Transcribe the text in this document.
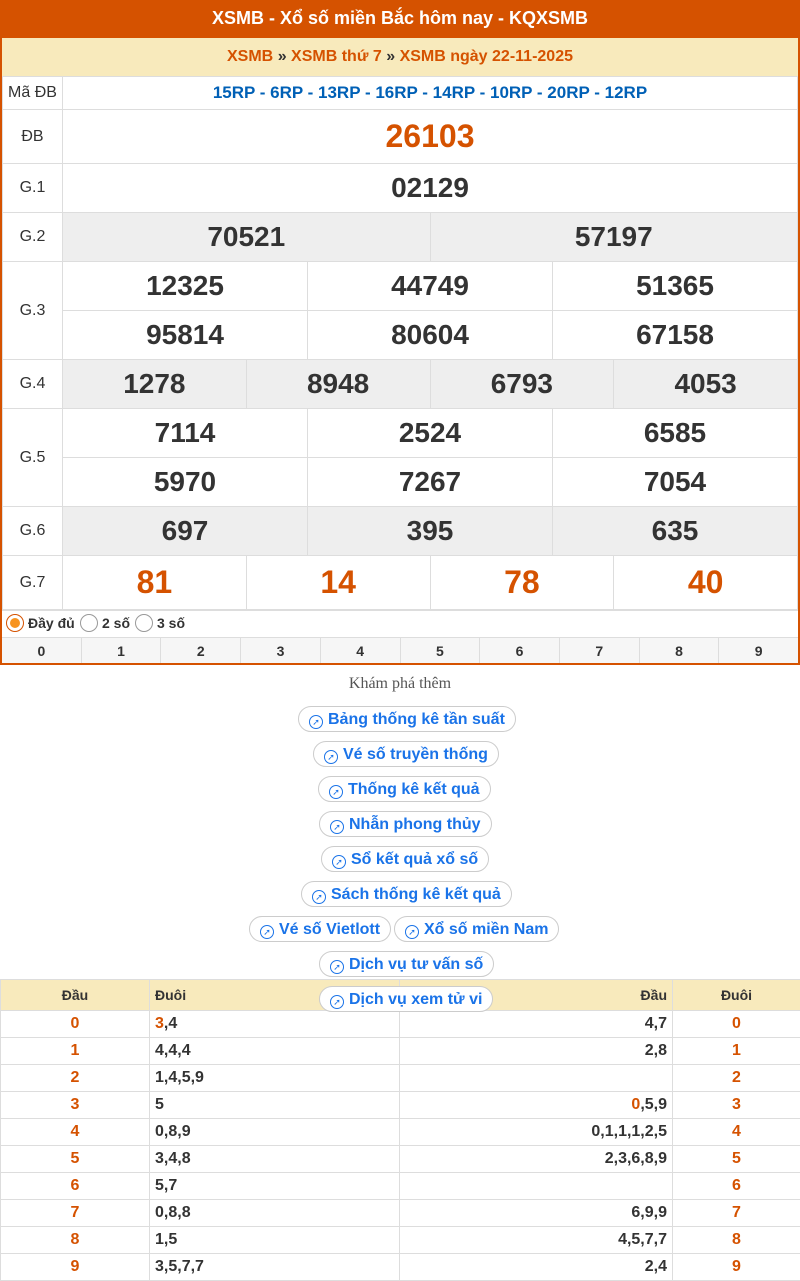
XSMB - Xổ số miền Bắc hôm nay - KQXSMB
XSMB » XSMB thứ 7 » XSMB ngày 22-11-2025
Mã ĐB	15RP - 6RP - 13RP - 16RP - 14RP - 10RP - 20RP - 12RP					
ĐB	26103					
G.1	02129					
G.2	70521			57197		
G.3	12325		44749		51365	
	95814		80604		67158	
G.4	1278	8948		6793		4053
G.5	7114		2524		6585	
	5970		7267		7054	
G.6	697		395		635	
G.7	81	14		78		40
Đầy đủ 2 số 3 số
0	1	2	3	4	5	6	7	8	9
Khám phá thêm
➚ Bảng thống kê tần suất
➚ Vé số truyền thống
➚ Thống kê kết quả
➚ Nhẫn phong thủy
➚ Sổ kết quả xổ số
➚ Sách thống kê kết quả
➚ Vé số Vietlott	➚ Xổ số miền Nam
➚ Dịch vụ tư vấn số
Đầu	Đuôi	Đầu	Đuôi
0	3,4	4,7	0
1	4,4,4	2,8	1
2	1,4,5,9		2
3	5	0,5,9	3
4	0,8,9	0,1,1,1,2,5	4
5	3,4,8	2,3,6,8,9	5
6	5,7		6
7	0,8,8	6,9,9	7
8	1,5	4,5,7,7	8
9	3,5,7,7	2,4	9
➚ Dịch vụ xem tử vi
